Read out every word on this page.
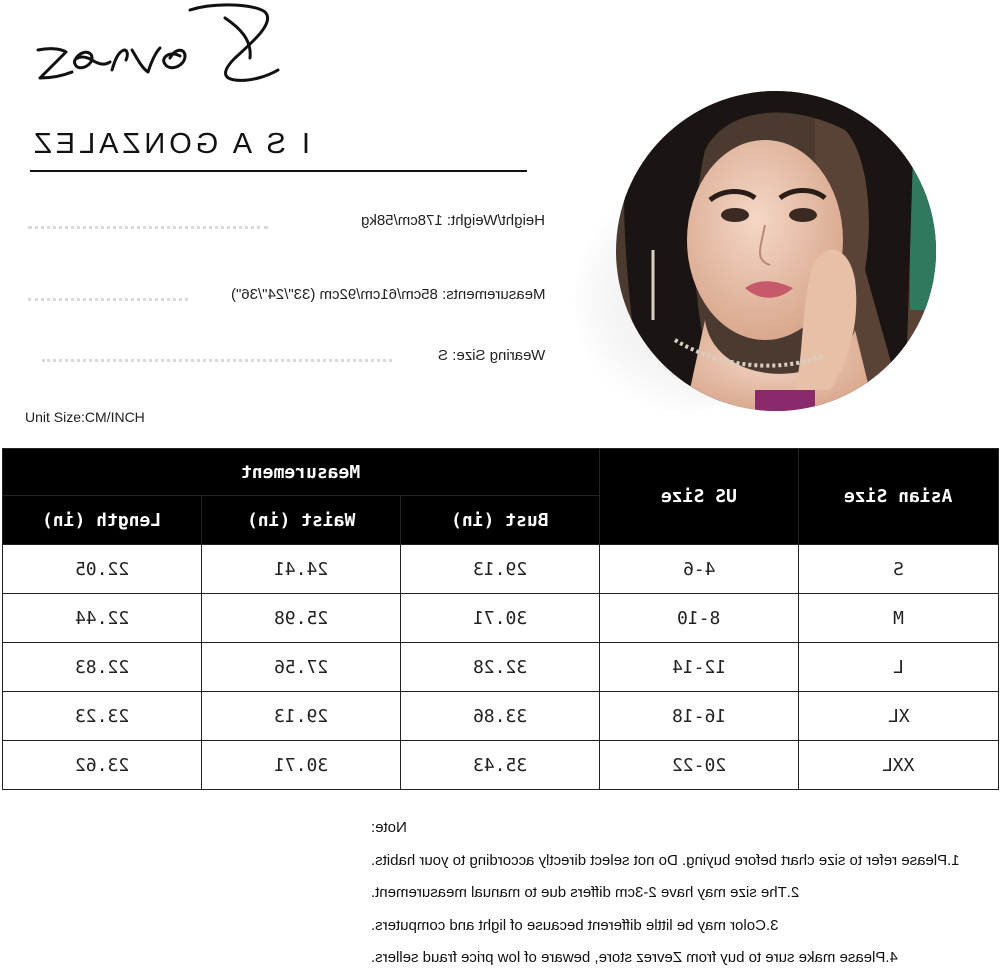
I S A GONZALEZ
Height/Weight: 178cm/58kg
Measurements: 85cm/61cm/92cm (33"/24"/36")
Wearing Size: S
Unit Size:CM/INCH
Measurement			US Size	Asian Size
Length (in)	Waist (in)	Bust (in)		
22.05	24.41	29.13	4-6	S
22.44	25.98	30.71	8-10	M
22.83	27.56	32.28	12-14	L
23.23	29.13	33.86	16-18	XL
23.62	30.71	35.43	20-22	XXL
Note:
1.Please refer to size chart before buying. Do not select directly according to your habits.
2.The size may have 2-3cm differs due to manual measurement.
3.Color may be little different because of light and computers.
4.Please make sure to buy from Zevrez store, beware of low price fraud sellers.
